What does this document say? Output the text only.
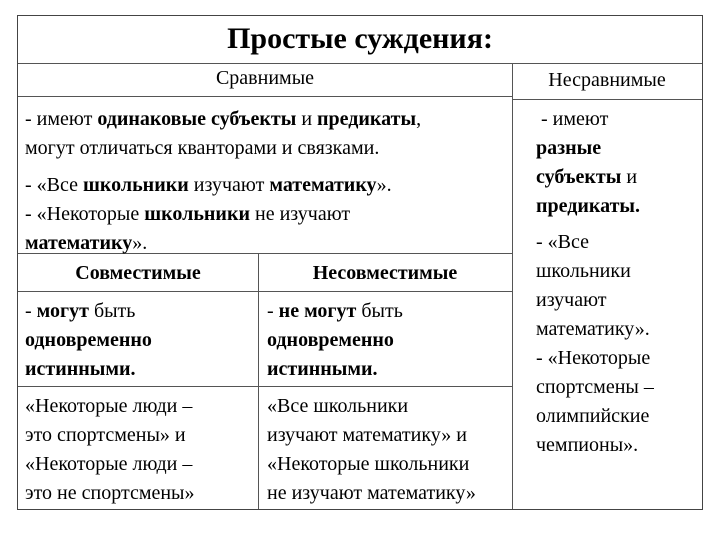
Простые суждения:
Сравнимые	Несравнимые
- имеют одинаковые субъекты и предикаты,
могут отличаться кванторами и связками.
- «Все школьники изучают математику».
- «Некоторые школьники не изучают
математику».
Совместимые	Несовместимые
- могут быть
одновременно
истинными.
- не могут быть
одновременно
истинными.
«Некоторые люди –
это спортсмены» и
«Некоторые люди –
это не спортсмены»
«Все школьники
изучают математику» и
«Некоторые школьники
не изучают математику»
- имеют
разные
субъекты и
предикаты.
- «Все
школьники
изучают
математику».
- «Некоторые
спортсмены –
олимпийские
чемпионы».
